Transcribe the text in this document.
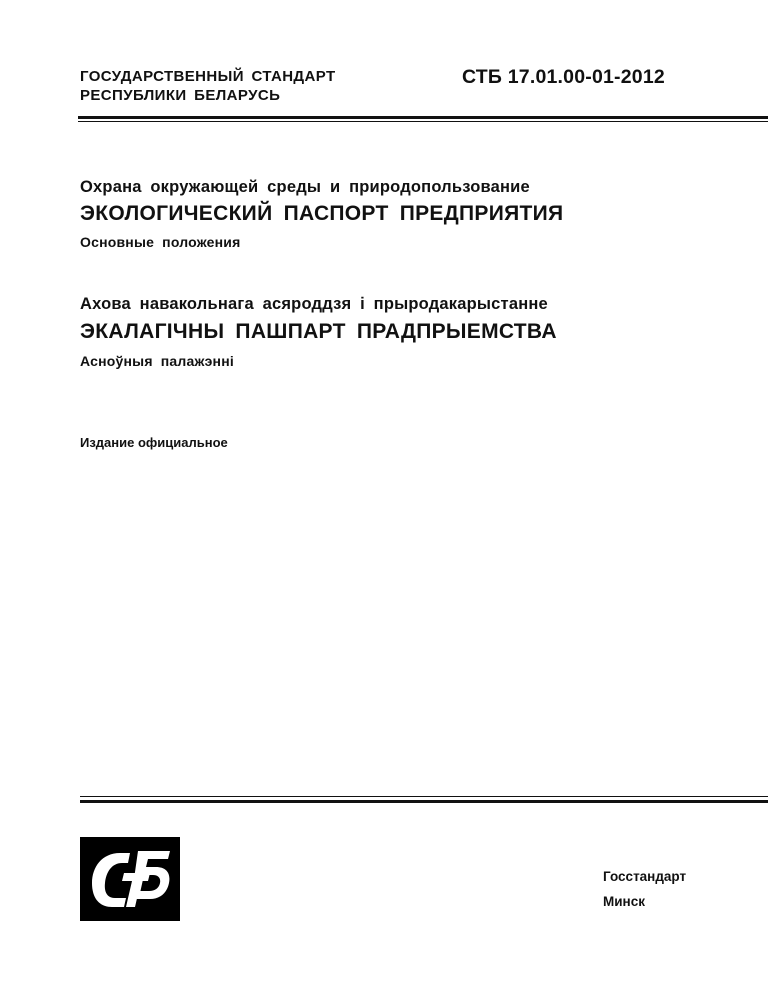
ГОСУДАРСТВЕННЫЙ СТАНДАРТ
РЕСПУБЛИКИ БЕЛАРУСЬ
СТБ 17.01.00-01-2012
Охрана окружающей среды и природопользование
ЭКОЛОГИЧЕСКИЙ ПАСПОРТ ПРЕДПРИЯТИЯ
Основные положения
Ахова навакольнага асяроддзя і прыродакарыстанне
ЭКАЛАГІЧНЫ ПАШПАРТ ПРАДПРЫЕМСТВА
Асноўныя палажэнні
Издание официальное
Госстандарт
Минск
